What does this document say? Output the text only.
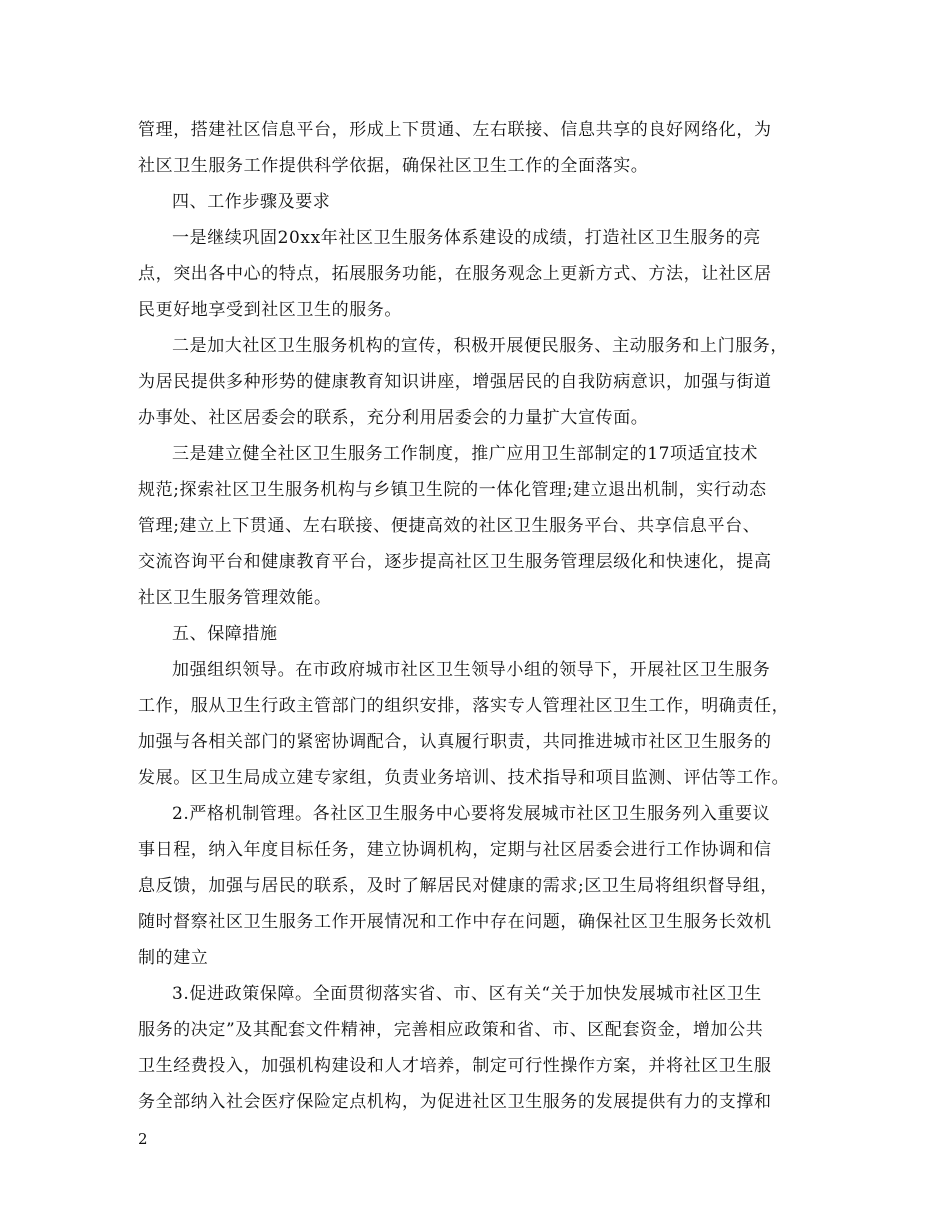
管理，搭建社区信息平台，形成上下贯通、左右联接、信息共享的良好网络化，为
社区卫生服务工作提供科学依据，确保社区卫生工作的全面落实。

四、工作步骤及要求

一是继续巩固20xx年社区卫生服务体系建设的成绩，打造社区卫生服务的亮
点，突出各中心的特点，拓展服务功能，在服务观念上更新方式、方法，让社区居
民更好地享受到社区卫生的服务。

二是加大社区卫生服务机构的宣传，积极开展便民服务、主动服务和上门服务，
为居民提供多种形势的健康教育知识讲座，增强居民的自我防病意识，加强与街道
办事处、社区居委会的联系，充分利用居委会的力量扩大宣传面。

三是建立健全社区卫生服务工作制度，推广应用卫生部制定的17项适宜技术
规范;探索社区卫生服务机构与乡镇卫生院的一体化管理;建立退出机制，实行动态
管理;建立上下贯通、左右联接、便捷高效的社区卫生服务平台、共享信息平台、
交流咨询平台和健康教育平台，逐步提高社区卫生服务管理层级化和快速化，提高
社区卫生服务管理效能。

五、保障措施

加强组织领导。在市政府城市社区卫生领导小组的领导下，开展社区卫生服务
工作，服从卫生行政主管部门的组织安排，落实专人管理社区卫生工作，明确责任，
加强与各相关部门的紧密协调配合，认真履行职责，共同推进城市社区卫生服务的
发展。区卫生局成立建专家组，负责业务培训、技术指导和项目监测、评估等工作。

2.严格机制管理。各社区卫生服务中心要将发展城市社区卫生服务列入重要议
事日程，纳入年度目标任务，建立协调机构，定期与社区居委会进行工作协调和信
息反馈，加强与居民的联系，及时了解居民对健康的需求;区卫生局将组织督导组，
随时督察社区卫生服务工作开展情况和工作中存在问题，确保社区卫生服务长效机
制的建立

3.促进政策保障。全面贯彻落实省、市、区有关“关于加快发展城市社区卫生
服务的决定”及其配套文件精神，完善相应政策和省、市、区配套资金，增加公共
卫生经费投入，加强机构建设和人才培养，制定可行性操作方案，并将社区卫生服
务全部纳入社会医疗保险定点机构，为促进社区卫生服务的发展提供有力的支撑和

2
